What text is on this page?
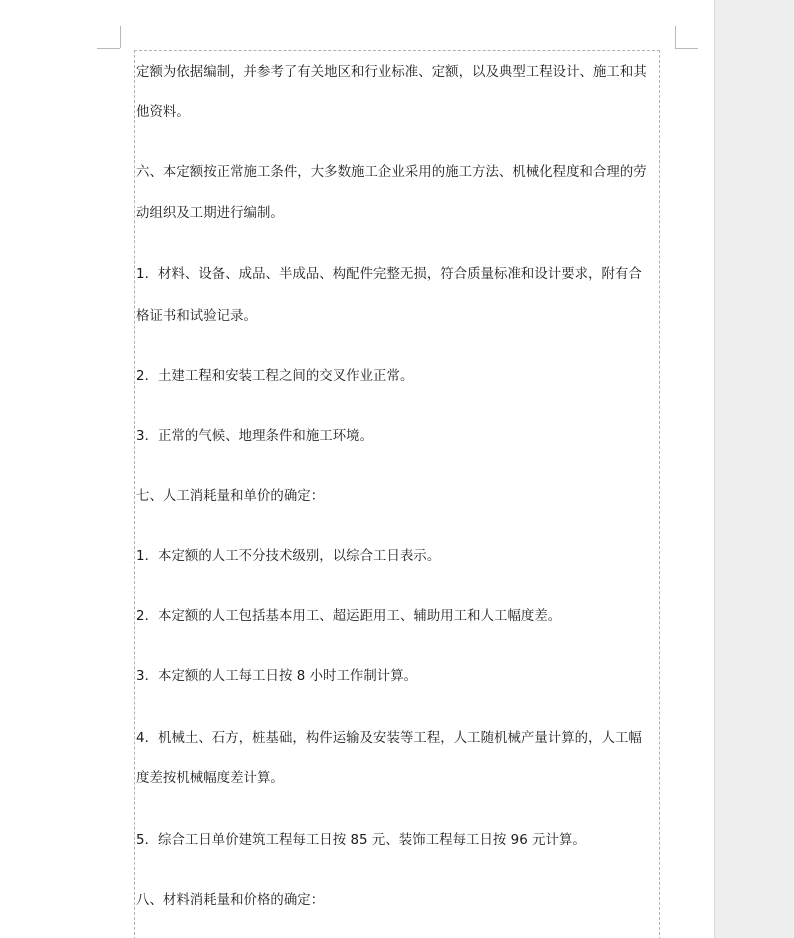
定额为依据编制，并参考了有关地区和行业标准、定额，以及典型工程设计、施工和其
他资料。
六、本定额按正常施工条件，大多数施工企业采用的施工方法、机械化程度和合理的劳
动组织及工期进行编制。
1．材料、设备、成品、半成品、构配件完整无损，符合质量标准和设计要求，附有合
格证书和试验记录。
2．土建工程和安装工程之间的交叉作业正常。
3．正常的气候、地理条件和施工环境。
七、人工消耗量和单价的确定：
1．本定额的人工不分技术级别，以综合工日表示。
2．本定额的人工包括基本用工、超运距用工、辅助用工和人工幅度差。
3．本定额的人工每工日按 8 小时工作制计算。
4．机械土、石方，桩基础，构件运输及安装等工程，人工随机械产量计算的，人工幅
度差按机械幅度差计算。
5．综合工日单价建筑工程每工日按 85 元、装饰工程每工日按 96 元计算。
八、材料消耗量和价格的确定：
